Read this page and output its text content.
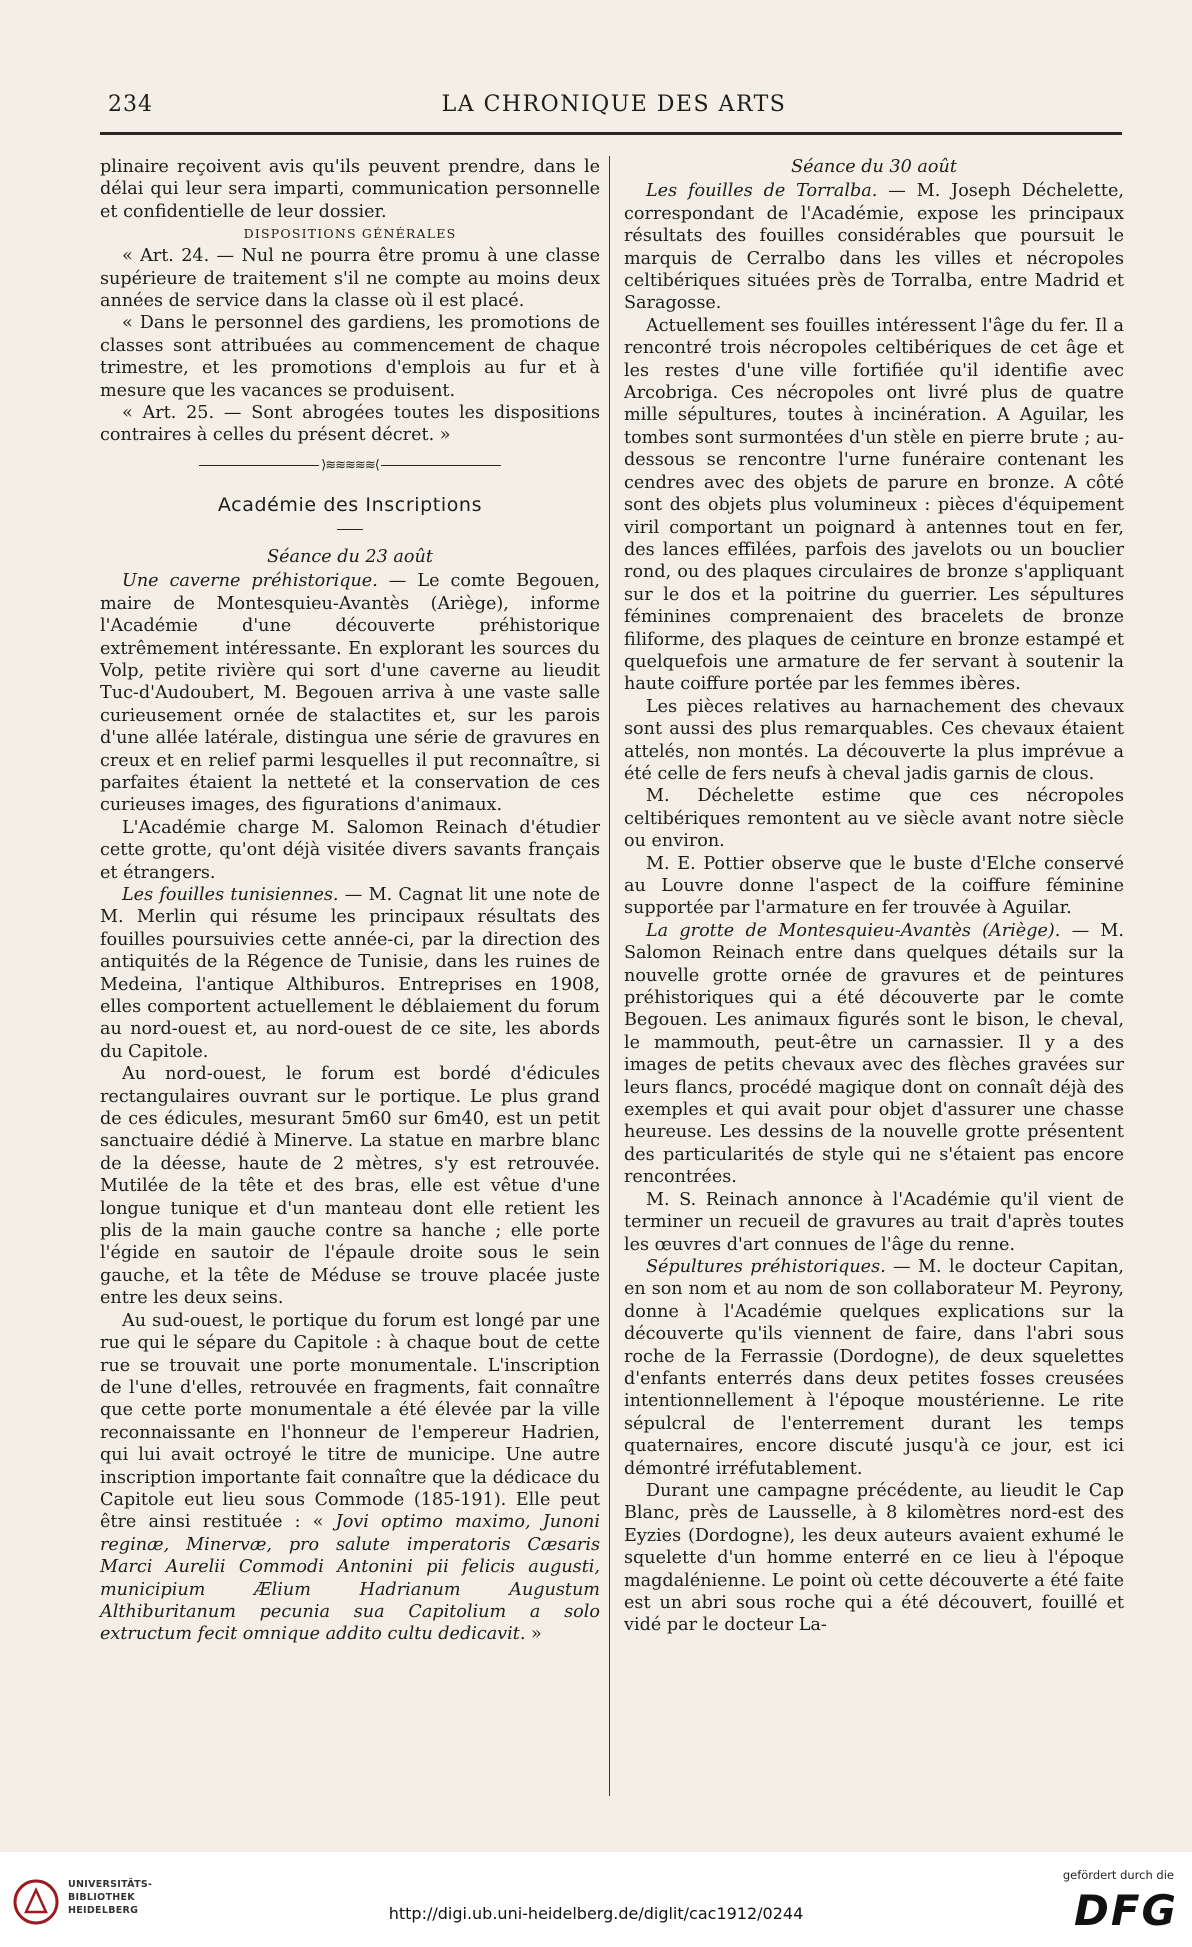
234	LA CHRONIQUE DES ARTS

plinaire reçoivent avis qu'ils peuvent prendre, dans le délai qui leur sera imparti, communication personnelle et confidentielle de leur dossier.

DISPOSITIONS GÉNÉRALES

« Art. 24. — Nul ne pourra être promu à une classe supérieure de traitement s'il ne compte au moins deux années de service dans la classe où il est placé.

« Dans le personnel des gardiens, les promotions de classes sont attribuées au commencement de chaque trimestre, et les promotions d'emplois au fur et à mesure que les vacances se produisent.

« Art. 25. — Sont abrogées toutes les dispositions contraires à celles du présent décret. »

⟩≋≋≋≋≋⟨
Académie des Inscriptions
Séance du 23 août

Une caverne préhistorique. — Le comte Begouen, maire de Montesquieu-Avantès (Ariège), informe l'Académie d'une découverte préhistorique extrêmement intéressante. En explorant les sources du Volp, petite rivière qui sort d'une caverne au lieudit Tuc-d'Audoubert, M. Begouen arriva à une vaste salle curieusement ornée de stalactites et, sur les parois d'une allée latérale, distingua une série de gravures en creux et en relief parmi lesquelles il put reconnaître, si parfaites étaient la netteté et la conservation de ces curieuses images, des figurations d'animaux.

L'Académie charge M. Salomon Reinach d'étudier cette grotte, qu'ont déjà visitée divers savants français et étrangers.

Les fouilles tunisiennes. — M. Cagnat lit une note de M. Merlin qui résume les principaux résultats des fouilles poursuivies cette année-ci, par la direction des antiquités de la Régence de Tunisie, dans les ruines de Medeina, l'antique Althiburos. Entreprises en 1908, elles comportent actuellement le déblaiement du forum au nord-ouest et, au nord-ouest de ce site, les abords du Capitole.

Au nord-ouest, le forum est bordé d'édicules rectangulaires ouvrant sur le portique. Le plus grand de ces édicules, mesurant 5m60 sur 6m40, est un petit sanctuaire dédié à Minerve. La statue en marbre blanc de la déesse, haute de 2 mètres, s'y est retrouvée. Mutilée de la tête et des bras, elle est vêtue d'une longue tunique et d'un manteau dont elle retient les plis de la main gauche contre sa hanche ; elle porte l'égide en sautoir de l'épaule droite sous le sein gauche, et la tête de Méduse se trouve placée juste entre les deux seins.

Au sud-ouest, le portique du forum est longé par une rue qui le sépare du Capitole : à chaque bout de cette rue se trouvait une porte monumentale. L'inscription de l'une d'elles, retrouvée en fragments, fait connaître que cette porte monumentale a été élevée par la ville reconnaissante en l'honneur de l'empereur Hadrien, qui lui avait octroyé le titre de municipe. Une autre inscription importante fait connaître que la dédicace du Capitole eut lieu sous Commode (185-191). Elle peut être ainsi restituée : « Jovi optimo maximo, Junoni reginæ, Minervæ, pro salute imperatoris Cæsaris Marci Aurelii Commodi Antonini pii felicis augusti, municipium Ælium Hadrianum Augustum Althiburitanum pecunia sua Capitolium a solo extructum fecit omnique addito cultu dedicavit. »

Séance du 30 août

Les fouilles de Torralba. — M. Joseph Déchelette, correspondant de l'Académie, expose les principaux résultats des fouilles considérables que poursuit le marquis de Cerralbo dans les villes et nécropoles celtibériques situées près de Torralba, entre Madrid et Saragosse.

Actuellement ses fouilles intéressent l'âge du fer. Il a rencontré trois nécropoles celtibériques de cet âge et les restes d'une ville fortifiée qu'il identifie avec Arcobriga. Ces nécropoles ont livré plus de quatre mille sépultures, toutes à incinération. A Aguilar, les tombes sont surmontées d'un stèle en pierre brute ; au-dessous se rencontre l'urne funéraire contenant les cendres avec des objets de parure en bronze. A côté sont des objets plus volumineux : pièces d'équipement viril comportant un poignard à antennes tout en fer, des lances effilées, parfois des javelots ou un bouclier rond, ou des plaques circulaires de bronze s'appliquant sur le dos et la poitrine du guerrier. Les sépultures féminines comprenaient des bracelets de bronze filiforme, des plaques de ceinture en bronze estampé et quelquefois une armature de fer servant à soutenir la haute coiffure portée par les femmes ibères.

Les pièces relatives au harnachement des chevaux sont aussi des plus remarquables. Ces chevaux étaient attelés, non montés. La découverte la plus imprévue a été celle de fers neufs à cheval jadis garnis de clous.

M. Déchelette estime que ces nécropoles celtibériques remontent au ve siècle avant notre siècle ou environ.

M. E. Pottier observe que le buste d'Elche conservé au Louvre donne l'aspect de la coiffure féminine supportée par l'armature en fer trouvée à Aguilar.

La grotte de Montesquieu-Avantès (Ariège). — M. Salomon Reinach entre dans quelques détails sur la nouvelle grotte ornée de gravures et de peintures préhistoriques qui a été découverte par le comte Begouen. Les animaux figurés sont le bison, le cheval, le mammouth, peut-être un carnassier. Il y a des images de petits chevaux avec des flèches gravées sur leurs flancs, procédé magique dont on connaît déjà des exemples et qui avait pour objet d'assurer une chasse heureuse. Les dessins de la nouvelle grotte présentent des particularités de style qui ne s'étaient pas encore rencontrées.

M. S. Reinach annonce à l'Académie qu'il vient de terminer un recueil de gravures au trait d'après toutes les œuvres d'art connues de l'âge du renne.

Sépultures préhistoriques. — M. le docteur Capitan, en son nom et au nom de son collaborateur M. Peyrony, donne à l'Académie quelques explications sur la découverte qu'ils viennent de faire, dans l'abri sous roche de la Ferrassie (Dordogne), de deux squelettes d'enfants enterrés dans deux petites fosses creusées intentionnellement à l'époque moustérienne. Le rite sépulcral de l'enterrement durant les temps quaternaires, encore discuté jusqu'à ce jour, est ici démontré irréfutablement.

Durant une campagne précédente, au lieudit le Cap Blanc, près de Lausselle, à 8 kilomètres nord-est des Eyzies (Dordogne), les deux auteurs avaient exhumé le squelette d'un homme enterré en ce lieu à l'époque magdalénienne. Le point où cette découverte a été faite est un abri sous roche qui a été découvert, fouillé et vidé par le docteur La-

UNIVERSITÄTS-
BIBLIOTHEK
HEIDELBERG	http://digi.ub.uni-heidelberg.de/diglit/cac1912/0244
gefördert durch die
DFG
